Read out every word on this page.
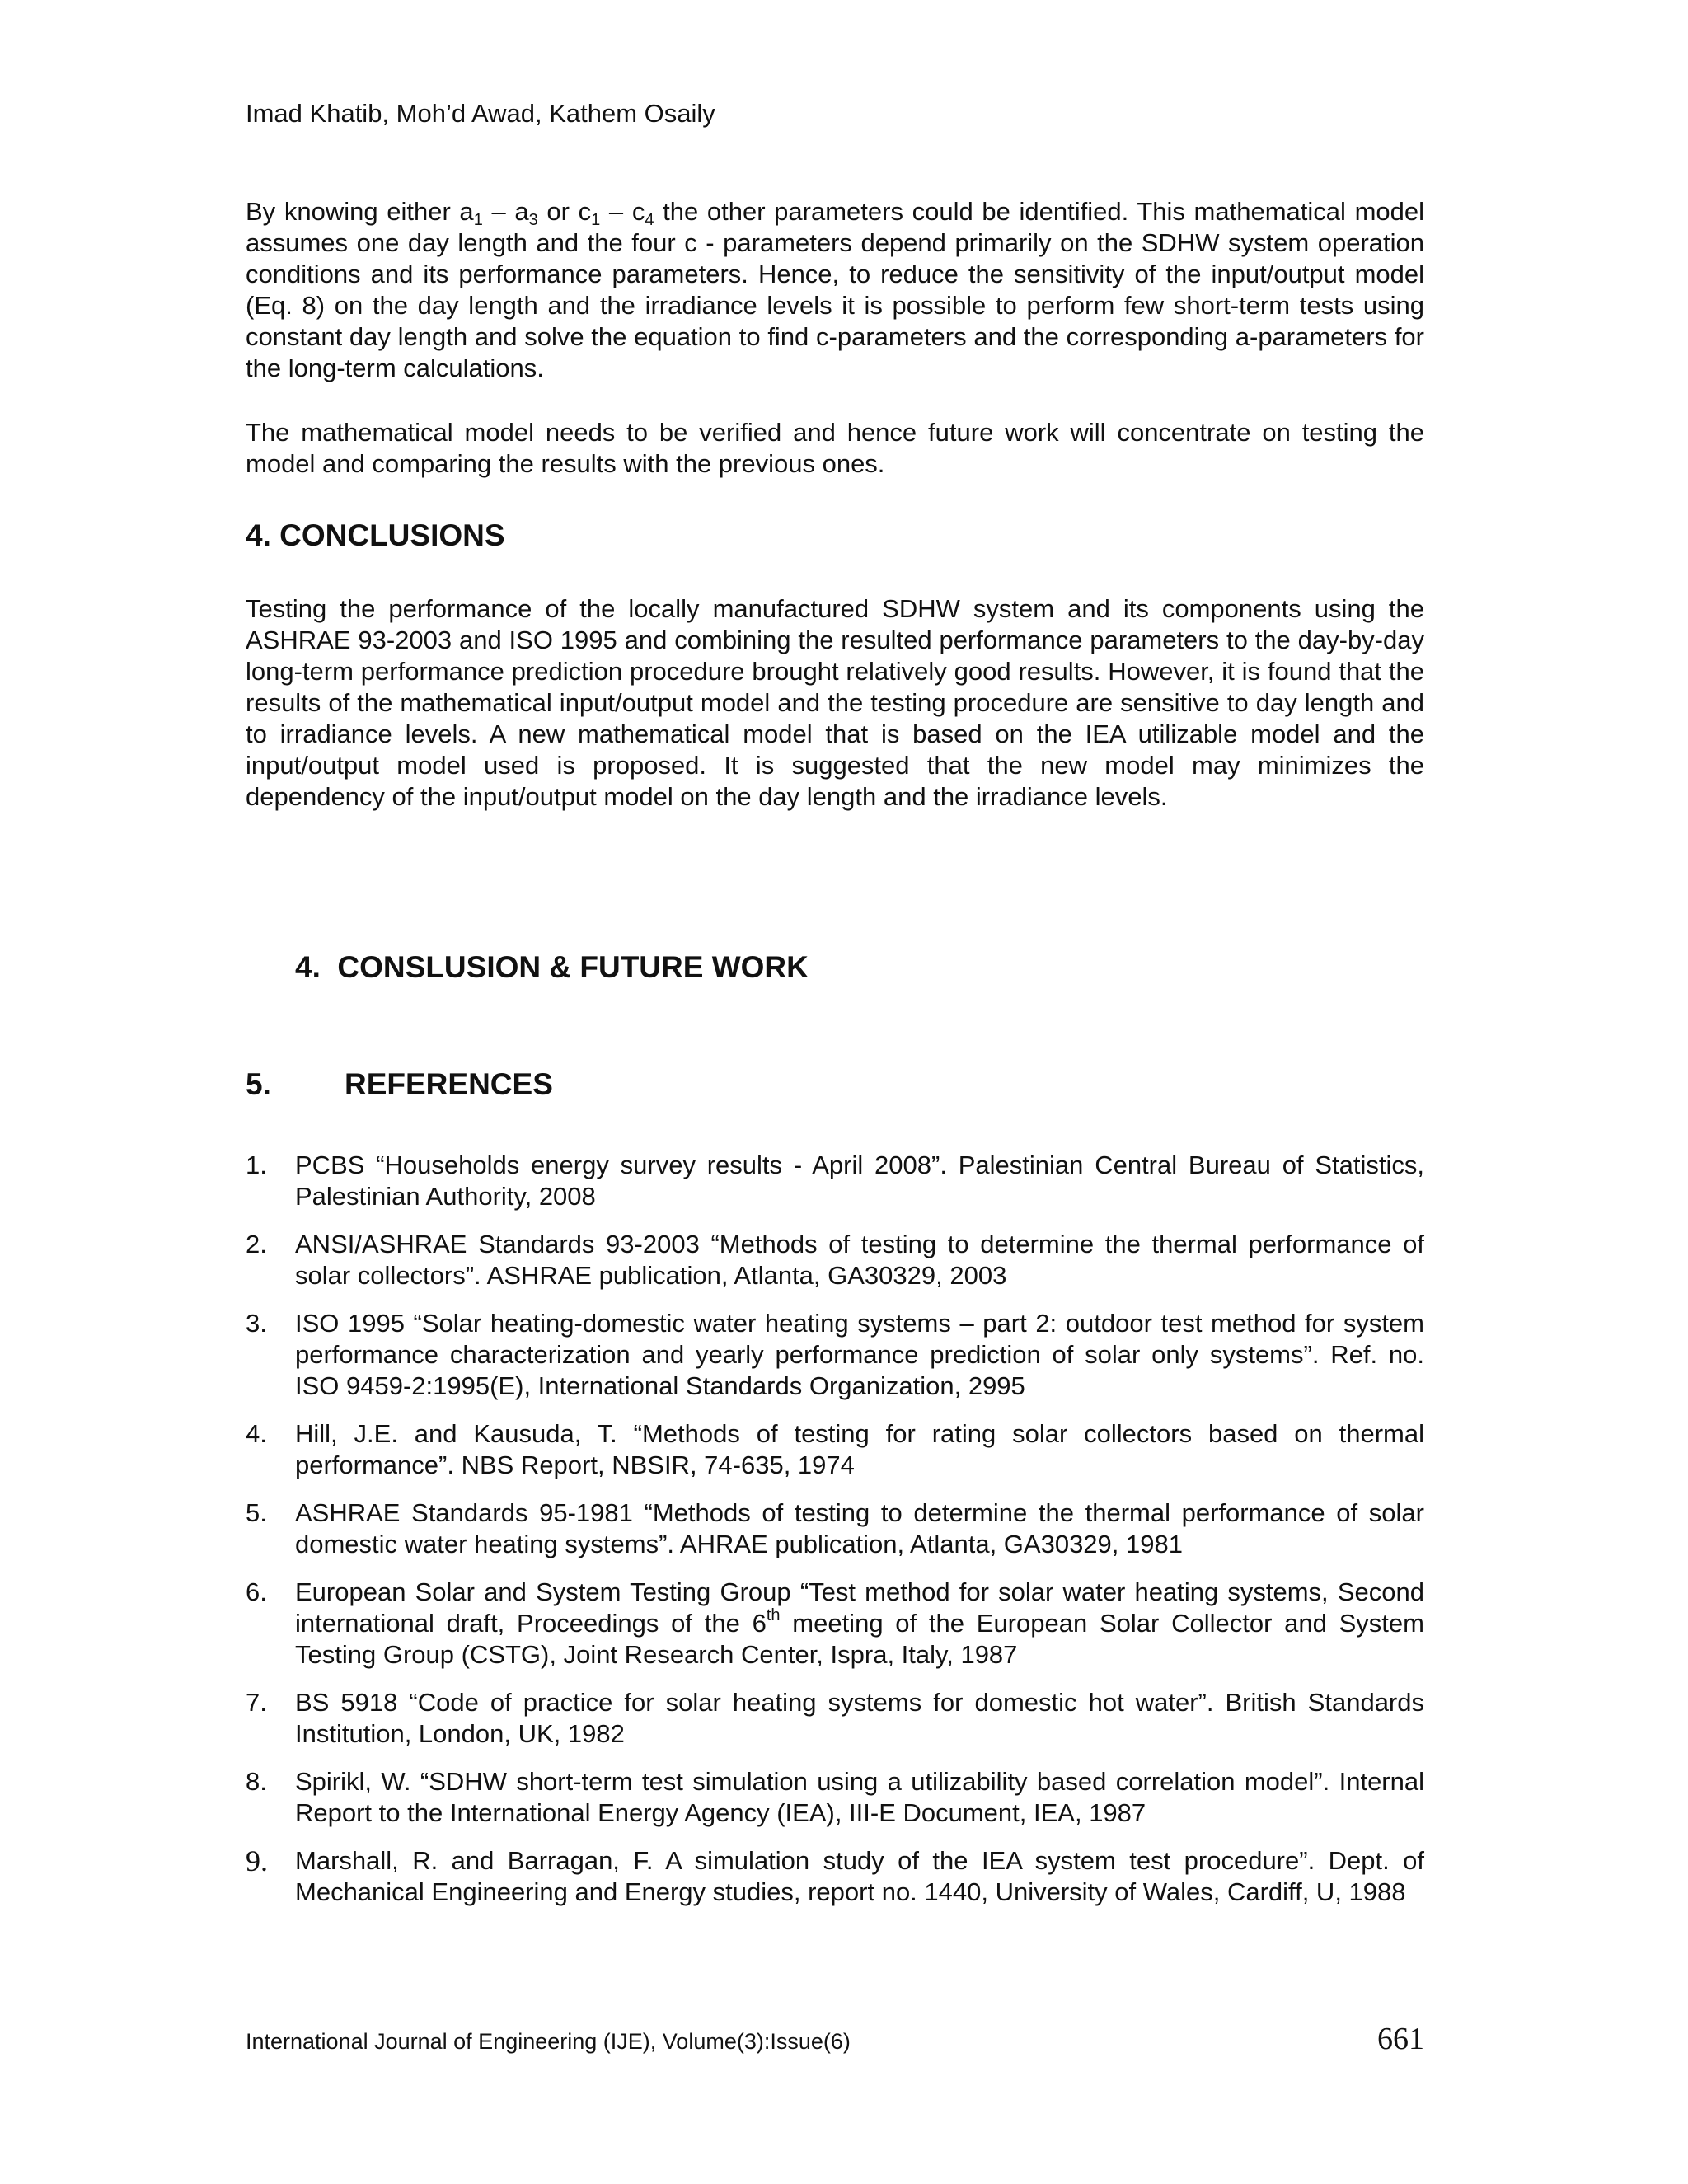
Imad Khatib, Moh’d Awad, Kathem Osaily

By knowing either $a_1 - a_3$ or $c_1 - c_4$ the other parameters could be identified. This mathematical model assumes one day length and the four c - parameters depend primarily on the SDHW system operation conditions and its performance parameters. Hence, to reduce the sensitivity of the input/output model (Eq. 8) on the day length and the irradiance levels it is possible to perform few short-term tests using constant day length and solve the equation to find c-parameters and the corresponding a-parameters for the long-term calculations.

The mathematical model needs to be verified and hence future work will concentrate on testing the model and comparing the results with the previous ones.

4. CONCLUSIONS

Testing the performance of the locally manufactured SDHW system and its components using the ASHRAE 93-2003 and ISO 1995 and combining the resulted performance parameters to the day-by-day long-term performance prediction procedure brought relatively good results. However, it is found that the results of the mathematical input/output model and the testing procedure are sensitive to day length and to irradiance levels. A new mathematical model that is based on the IEA utilizable model and the input/output model used is proposed. It is suggested that the new model may minimizes the dependency of the input/output model on the day length and the irradiance levels.

4. CONSLUSION & FUTURE WORK
5. REFERENCES
1.	PCBS “Households energy survey results - April 2008”. Palestinian Central Bureau of Statistics, Palestinian Authority, 2008
2.	ANSI/ASHRAE Standards 93-2003 “Methods of testing to determine the thermal performance of solar collectors”. ASHRAE publication, Atlanta, GA30329, 2003
3.	ISO 1995 “Solar heating-domestic water heating systems – part 2: outdoor test method for system performance characterization and yearly performance prediction of solar only systems”. Ref. no. ISO 9459-2:1995(E), International Standards Organization, 2995
4.	Hill, J.E. and Kausuda, T. “Methods of testing for rating solar collectors based on thermal performance”. NBS Report, NBSIR, 74-635, 1974
5.	ASHRAE Standards 95-1981 “Methods of testing to determine the thermal performance of solar domestic water heating systems”. AHRAE publication, Atlanta, GA30329, 1981
6.	European Solar and System Testing Group “Test method for solar water heating systems, Second international draft, Proceedings of the 6th meeting of the European Solar Collector and System Testing Group (CSTG), Joint Research Center, Ispra, Italy, 1987
7.	BS 5918 “Code of practice for solar heating systems for domestic hot water”. British Standards Institution, London, UK, 1982
8.	Spirikl, W. “SDHW short-term test simulation using a utilizability based correlation model”. Internal Report to the International Energy Agency (IEA), III-E Document, IEA, 1987
9.	Marshall, R. and Barragan, F. A simulation study of the IEA system test procedure”. Dept. of Mechanical Engineering and Energy studies, report no. 1440, University of Wales, Cardiff, U, 1988
International Journal of Engineering (IJE), Volume(3):Issue(6)	661
